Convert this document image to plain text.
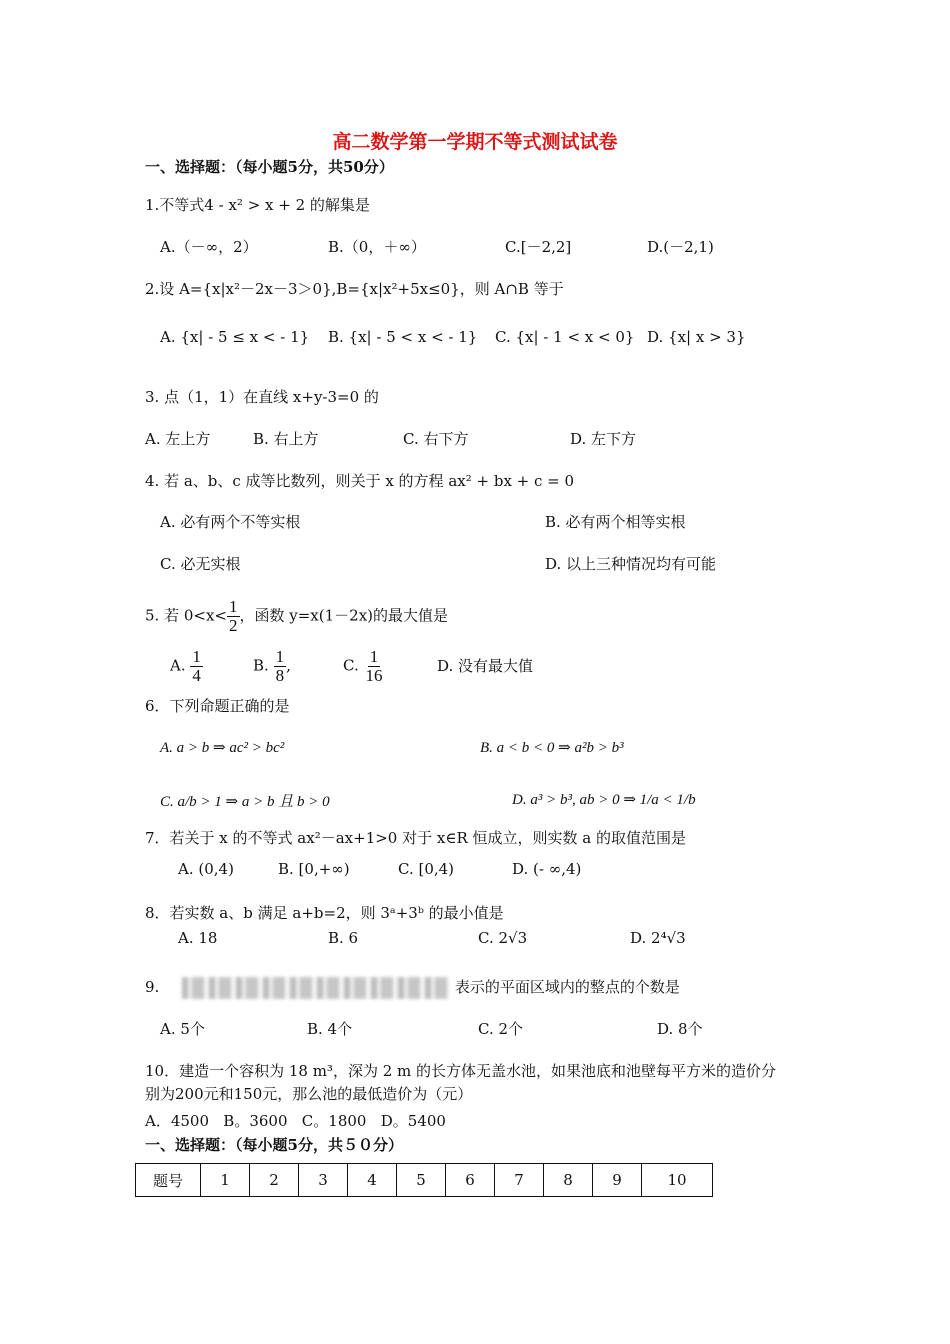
高二数学第一学期不等式测试试卷
一、选择题：（每小题5分，共50分）
1.不等式4 - x² > x + 2 的解集是
A.（－∞，2）	B.（0，＋∞）	C.[－2,2]	D.(－2,1)
2.设 A={x|x²－2x－3＞0},B={x|x²+5x≤0}，则 A∩B 等于
A. {x| - 5 ≤ x < - 1} B. {x| - 5 < x < - 1} C. {x| - 1 < x < 0} D. {x| x > 3}
3. 点（1，1）在直线 x+y-3=0 的
A. 左上方	B. 右上方	C. 右下方	D. 左下方
4. 若 a、b、c 成等比数列，则关于 x 的方程 ax² + bx + c = 0
A. 必有两个不等实根	B. 必有两个相等实根
C. 必无实根	D. 以上三种情况均有可能
5. 若 $0<x< \frac{1}{2}$ ，函数 y=x(1－2x)的最大值是
A. $\frac{1}{4}$	B. $\frac{1}{8}$ ,	C. $\frac{1}{16}$	D. 没有最大值
6．下列命题正确的是
A. a > b ⇒ ac² > bc²	B. a < b < 0 ⇒ a²b > b³
C. a/b > 1 ⇒ a > b 且 b > 0	D. a³ > b³, ab > 0 ⇒ 1/a < 1/b
7．若关于 x 的不等式 ax²－ax+1>0 对于 x∈R 恒成立，则实数 a 的取值范围是
A. (0,4)	B. [0,+∞)	C. [0,4)	D. (- ∞,4)
8．若实数 a、b 满足 a+b=2，则 3ᵃ+3ᵇ 的最小值是
A. 18	B. 6	C. 2√3	D. 2⁴√3
9.	表示的平面区域内的整点的个数是
A. 5个	B. 4个	C. 2个	D. 8个
10．建造一个容积为 18 m³，深为 2 m 的长方体无盖水池，如果池底和池壁每平方米的造价分
别为200元和150元，那么池的最低造价为（元）
A．4500   B。3600   C。1800   D。5400
一、选择题：（每小题5分，共５０分）
题号	1	2	3	4	5	6	7	8	9	10
